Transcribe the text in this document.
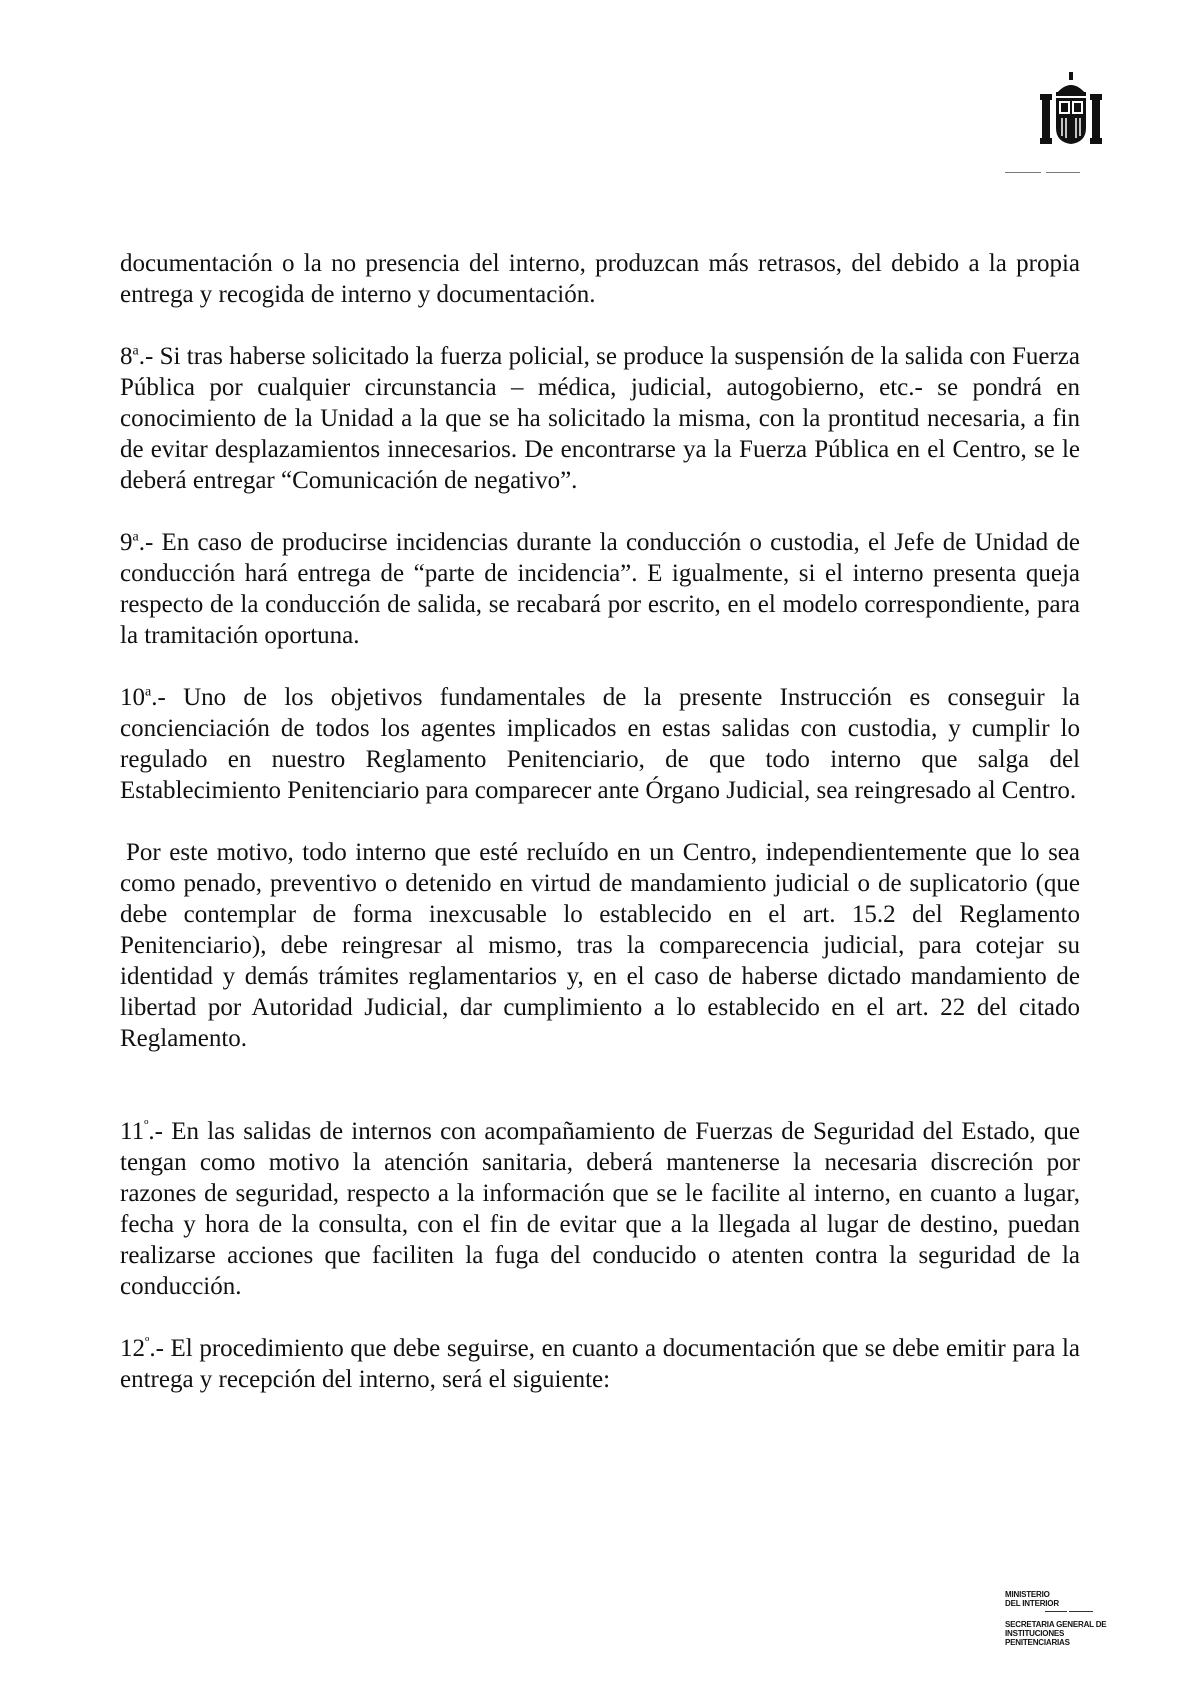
documentación o la no presencia del interno, produzcan más retrasos, del debido a la propia entrega y recogida de interno y documentación.

8$^a$.- Si tras haberse solicitado la fuerza policial, se produce la suspensión de la salida con Fuerza Pública por cualquier circunstancia – médica, judicial, autogobierno, etc.- se pondrá en conocimiento de la Unidad a la que se ha solicitado la misma, con la prontitud necesaria, a fin de evitar desplazamientos innecesarios. De encontrarse ya la Fuerza Pública en el Centro, se le deberá entregar “Comunicación de negativo”.

9$^a$.- En caso de producirse incidencias durante la conducción o custodia, el Jefe de Unidad de conducción hará entrega de “parte de incidencia”. E igualmente, si el interno presenta queja respecto de la conducción de salida, se recabará por escrito, en el modelo correspondiente, para la tramitación oportuna.

10$^a$.- Uno de los objetivos fundamentales de la presente Instrucción es conseguir la concienciación de todos los agentes implicados en estas salidas con custodia, y cumplir lo regulado en nuestro Reglamento Penitenciario, de que todo interno que salga del Establecimiento Penitenciario para comparecer ante Órgano Judicial, sea reingresado al Centro.

Por este motivo, todo interno que esté recluído en un Centro, independientemente que lo sea como penado, preventivo o detenido en virtud de mandamiento judicial o de suplicatorio (que debe contemplar de forma inexcusable lo establecido en el art. 15.2 del Reglamento Penitenciario), debe reingresar al mismo, tras la comparecencia judicial, para cotejar su identidad y demás trámites reglamentarios y, en el caso de haberse dictado mandamiento de libertad por Autoridad Judicial, dar cumplimiento a lo establecido en el art. 22 del citado Reglamento.

$11^º.-$ En las salidas de internos con acompañamiento de Fuerzas de Seguridad del Estado, que tengan como motivo la atención sanitaria, deberá mantenerse la necesaria discreción por razones de seguridad, respecto a la información que se le facilite al interno, en cuanto a lugar, fecha y hora de la consulta, con el fin de evitar que a la llegada al lugar de destino, puedan realizarse acciones que faciliten la fuga del conducido o atenten contra la seguridad de la conducción.

$12^º.-$ El procedimiento que debe seguirse, en cuanto a documentación que se debe emitir para la entrega y recepción del interno, será el siguiente:

MINISTERIO
DEL INTERIOR
SECRETARIA GENERAL DE
INSTITUCIONES
PENITENCIARIAS
